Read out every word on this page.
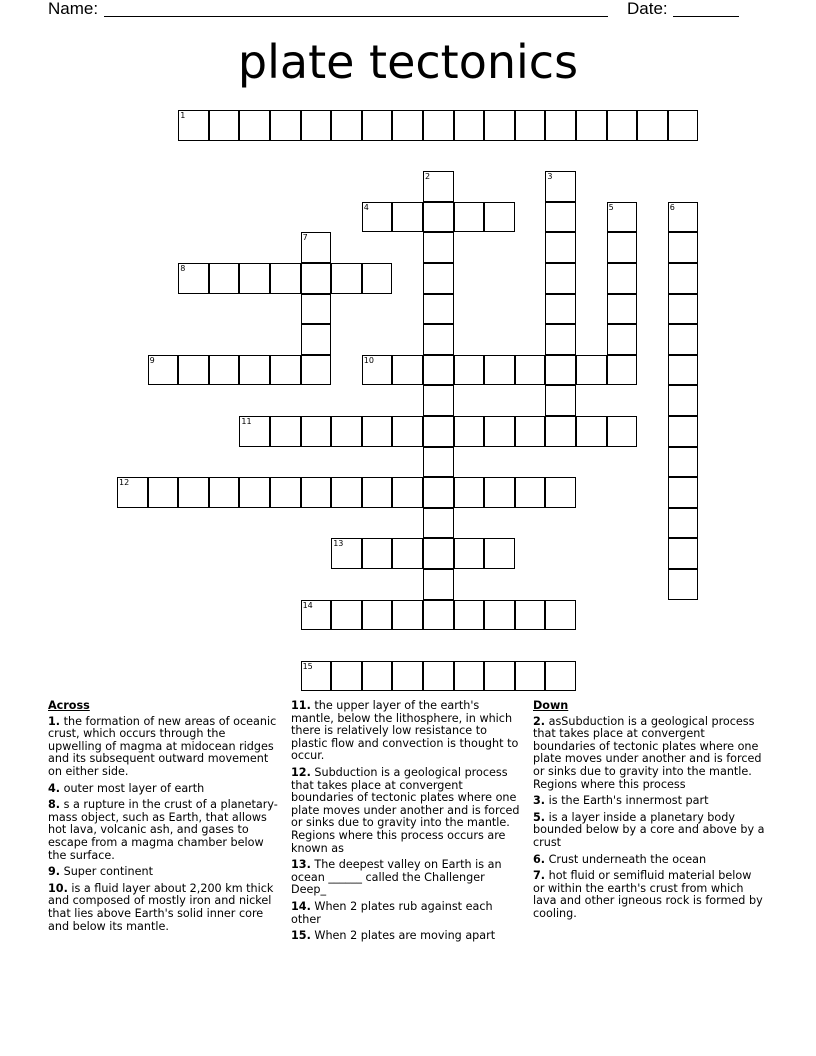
Name:	Date:
plate tectonics
1
2	3
4	5	6
7
8
9	10
11
12
13
14
15
Across
1. the formation of new areas of oceanic crust, which occurs through the upwelling of magma at midocean ridges and its subsequent outward movement on either side.
4. outer most layer of earth
8. s a rupture in the crust of a planetary-mass object, such as Earth, that allows hot lava, volcanic ash, and gases to escape from a magma chamber below the surface.
9. Super continent
10. is a fluid layer about 2,200 km thick and composed of mostly iron and nickel that lies above Earth's solid inner core and below its mantle.
11. the upper layer of the earth's mantle, below the lithosphere, in which there is relatively low resistance to plastic flow and convection is thought to occur.
12. Subduction is a geological process that takes place at convergent boundaries of tectonic plates where one plate moves under another and is forced or sinks due to gravity into the mantle. Regions where this process occurs are known as
13. The deepest valley on Earth is an ocean ______ called the Challenger Deep_
14. When 2 plates rub against each other
15. When 2 plates are moving apart
Down
2. asSubduction is a geological process that takes place at convergent boundaries of tectonic plates where one plate moves under another and is forced or sinks due to gravity into the mantle. Regions where this process
3. is the Earth's innermost part
5. is a layer inside a planetary body bounded below by a core and above by a crust
6. Crust underneath the ocean
7. hot fluid or semifluid material below or within the earth's crust from which lava and other igneous rock is formed by cooling.
